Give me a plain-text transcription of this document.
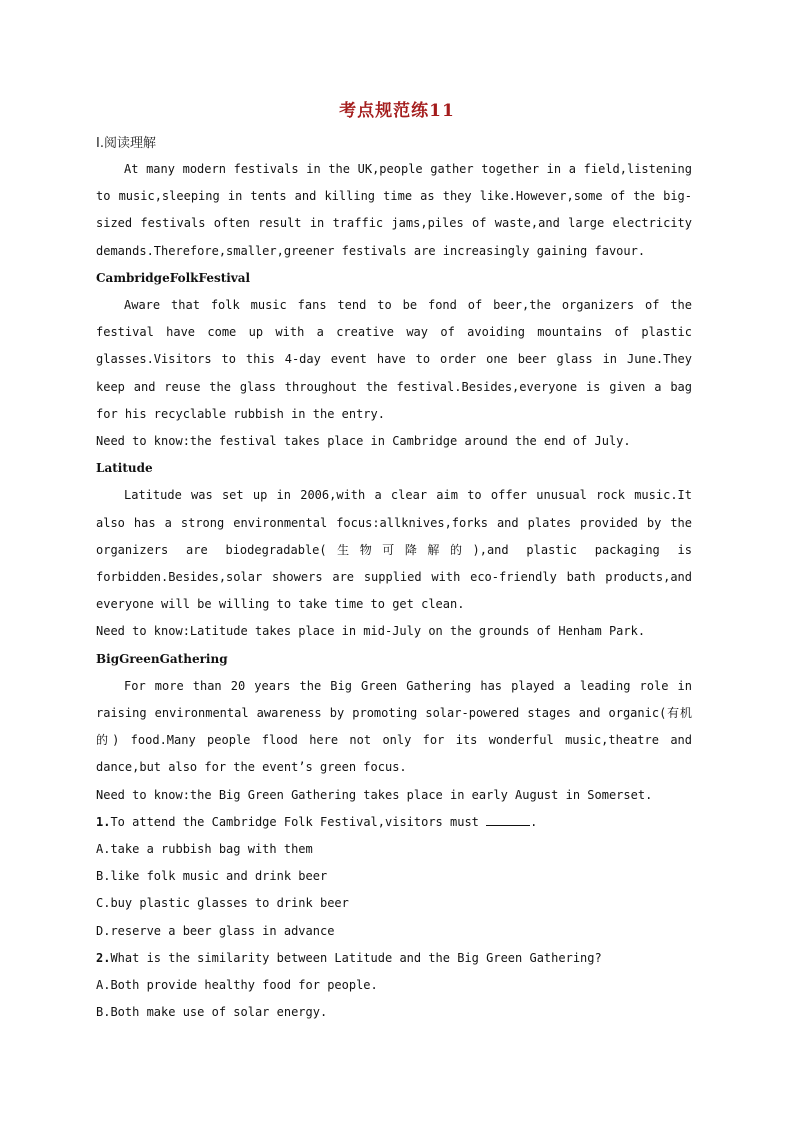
考点规范练11
Ⅰ.阅读理解

At many modern festivals in the UK,people gather together in a field,listening to music,sleeping in tents and killing time as they like.However,some of the big-sized festivals often result in traffic jams,piles of waste,and large electricity demands.Therefore,smaller,greener festivals are increasingly gaining favour.

CambridgeFolkFestival

Aware that folk music fans tend to be fond of beer,the organizers of the festival have come up with a creative way of avoiding mountains of plastic glasses.Visitors to this 4-day event have to order one beer glass in June.They keep and reuse the glass throughout the festival.Besides,everyone is given a bag for his recyclable rubbish in the entry.

Need to know:the festival takes place in Cambridge around the end of July.

Latitude

Latitude was set up in 2006,with a clear aim to offer unusual rock music.It also has a strong environmental focus:allknives,forks and plates provided by the organizers are biodegradable(生物可降解的),and plastic packaging is forbidden.Besides,solar showers are supplied with eco-friendly bath products,and everyone will be willing to take time to get clean.

Need to know:Latitude takes place in mid-July on the grounds of Henham Park.

BigGreenGathering

For more than 20 years the Big Green Gathering has played a leading role in raising environmental awareness by promoting solar-powered stages and organic(有机的) food.Many people flood here not only for its wonderful music,theatre and dance,but also for the event’s green focus.

Need to know:the Big Green Gathering takes place in early August in Somerset.

1.To attend the Cambridge Folk Festival,visitors must	.

A.take a rubbish bag with them

B.like folk music and drink beer

C.buy plastic glasses to drink beer

D.reserve a beer glass in advance

2.What is the similarity between Latitude and the Big Green Gathering?

A.Both provide healthy food for people.

B.Both make use of solar energy.
